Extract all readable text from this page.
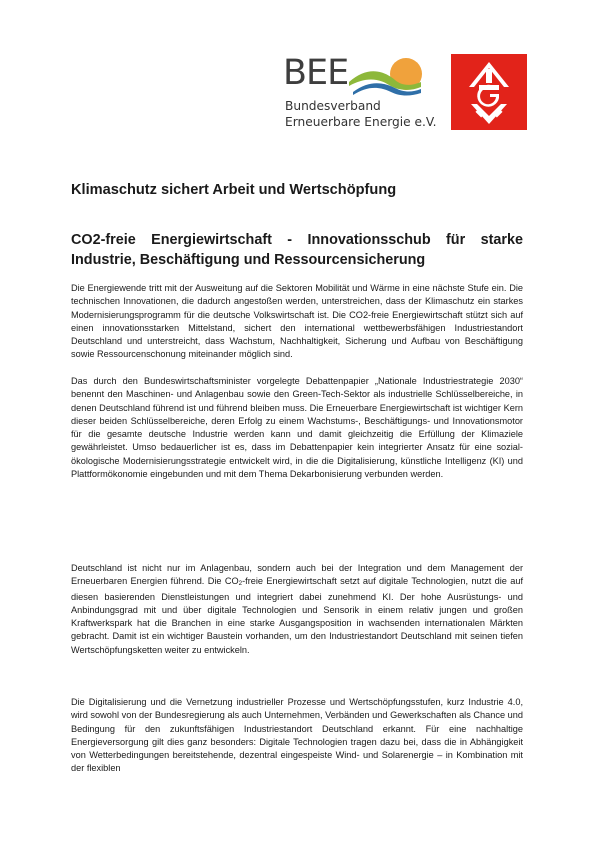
BEE
Bundesverband
Erneuerbare Energie e.V.
Klimaschutz sichert Arbeit und Wertschöpfung
CO2-freie Energiewirtschaft - Innovationsschub für starke Industrie, Beschäftigung und Ressourcensicherung

Die Energiewende tritt mit der Ausweitung auf die Sektoren Mobilität und Wärme in eine nächste Stufe ein. Die technischen Innovationen, die dadurch angestoßen werden, unterstreichen, dass der Klimaschutz ein starkes Modernisierungsprogramm für die deutsche Volkswirtschaft ist. Die CO2-freie Energiewirtschaft stützt sich auf einen innovationsstarken Mittelstand, sichert den international wettbewerbsfähigen Industriestandort Deutschland und unterstreicht, dass Wachstum, Nachhaltigkeit, Sicherung und Aufbau von Beschäftigung sowie Ressourcenschonung miteinander möglich sind.

Das durch den Bundeswirtschaftsminister vorgelegte Debattenpapier „Nationale Industriestrategie 2030“ benennt den Maschinen- und Anlagenbau sowie den Green-Tech-Sektor als industrielle Schlüsselbereiche, in denen Deutschland führend ist und führend bleiben muss. Die Erneuerbare Energiewirtschaft ist wichtiger Kern dieser beiden Schlüsselbereiche, deren Erfolg zu einem Wachstums-, Beschäftigungs- und Innovationsmotor für die gesamte deutsche Industrie werden kann und damit gleichzeitig die Erfüllung der Klimaziele gewährleistet. Umso bedauerlicher ist es, dass im Debattenpapier kein integrierter Ansatz für eine sozial-ökologische Modernisierungsstrategie entwickelt wird, in die die Digitalisierung, künstliche Intelligenz (KI) und Plattformökonomie eingebunden und mit dem Thema Dekarbonisierung verbunden werden.

Deutschland ist nicht nur im Anlagenbau, sondern auch bei der Integration und dem Management der Erneuerbaren Energien führend. Die CO2-freie Energiewirtschaft setzt auf digitale Technologien, nutzt die auf diesen basierenden Dienstleistungen und integriert dabei zunehmend KI. Der hohe Ausrüstungs- und Anbindungsgrad mit und über digitale Technologien und Sensorik in einem relativ jungen und großen Kraftwerkspark hat die Branchen in eine starke Ausgangsposition in wachsenden internationalen Märkten gebracht. Damit ist ein wichtiger Baustein vorhanden, um den Industriestandort Deutschland mit seinen tiefen Wertschöpfungsketten weiter zu entwickeln.

Die Digitalisierung und die Vernetzung industrieller Prozesse und Wertschöpfungsstufen, kurz Industrie 4.0, wird sowohl von der Bundesregierung als auch Unternehmen, Verbänden und Gewerkschaften als Chance und Bedingung für den zukunftsfähigen Industriestandort Deutschland erkannt. Für eine nachhaltige Energieversorgung gilt dies ganz besonders: Digitale Technologien tragen dazu bei, dass die in Abhängigkeit von Wetterbedingungen bereitstehende, dezentral eingespeiste Wind- und Solarenergie – in Kombination mit der flexiblen
